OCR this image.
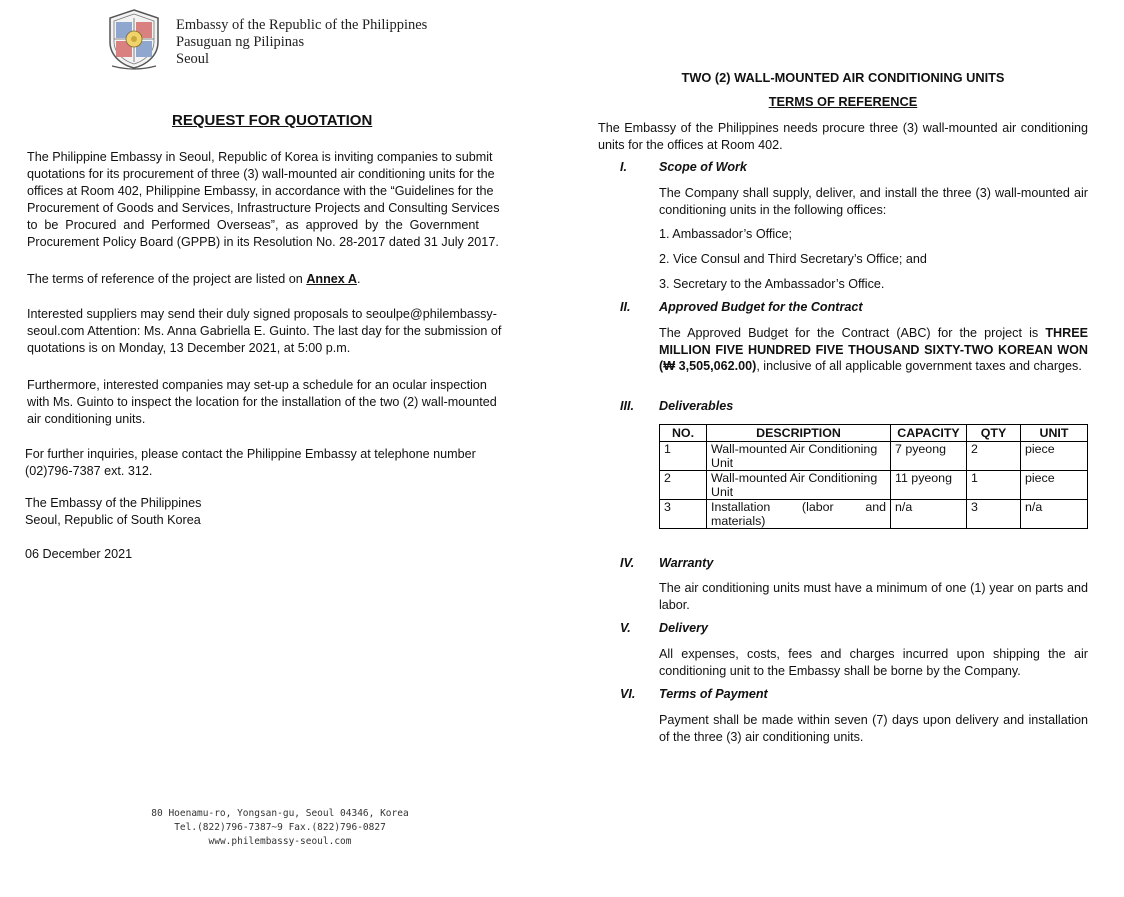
Embassy of the Republic of the Philippines
Pasuguan ng Pilipinas
Seoul
REQUEST FOR QUOTATION
The Philippine Embassy in Seoul, Republic of Korea is inviting companies to submit
quotations for its procurement of three (3) wall-mounted air conditioning units for the
offices at Room 402, Philippine Embassy, in accordance with the “Guidelines for the
Procurement of Goods and Services, Infrastructure Projects and Consulting Services
to be Procured and Performed Overseas”, as approved by the Government
Procurement Policy Board (GPPB) in its Resolution No. 28-2017 dated 31 July 2017.
The terms of reference of the project are listed on Annex A.
Interested suppliers may send their duly signed proposals to seoulpe@philembassy-
seoul.com Attention: Ms. Anna Gabriella E. Guinto. The last day for the submission of
quotations is on Monday, 13 December 2021, at 5:00 p.m.
Furthermore, interested companies may set-up a schedule for an ocular inspection
with Ms. Guinto to inspect the location for the installation of the two (2) wall-mounted
air conditioning units.
For further inquiries, please contact the Philippine Embassy at telephone number
(02)796-7387 ext. 312.
The Embassy of the Philippines
Seoul, Republic of South Korea
06 December 2021
80 Hoenamu-ro, Yongsan-gu, Seoul 04346, Korea
Tel.(822)796-7387~9 Fax.(822)796-0827
www.philembassy-seoul.com
TWO (2) WALL-MOUNTED AIR CONDITIONING UNITS
TERMS OF REFERENCE
The Embassy of the Philippines needs procure three (3) wall-mounted air conditioning units for the offices at Room 402.
I.	Scope of Work
The Company shall supply, deliver, and install the three (3) wall-mounted air conditioning units in the following offices:
1. Ambassador’s Office;
2. Vice Consul and Third Secretary’s Office; and
3. Secretary to the Ambassador’s Office.
II. Approved Budget for the Contract
The Approved Budget for the Contract (ABC) for the project is THREE MILLION FIVE HUNDRED FIVE THOUSAND SIXTY-TWO KOREAN WON (₩ 3,505,062.00), inclusive of all applicable government taxes and charges.
III. Deliverables
NO.	DESCRIPTION	CAPACITY	QTY	UNIT
1	Wall-mounted Air Conditioning Unit	7 pyeong	2	piece
2	Wall-mounted Air Conditioning Unit	11 pyeong	1	piece
3	Installation (labor and materials)	n/a	3	n/a
IV. Warranty
The air conditioning units must have a minimum of one (1) year on parts and labor.
V. Delivery
All expenses, costs, fees and charges incurred upon shipping the air conditioning unit to the Embassy shall be borne by the Company.
VI. Terms of Payment
Payment shall be made within seven (7) days upon delivery and installation of the three (3) air conditioning units.
